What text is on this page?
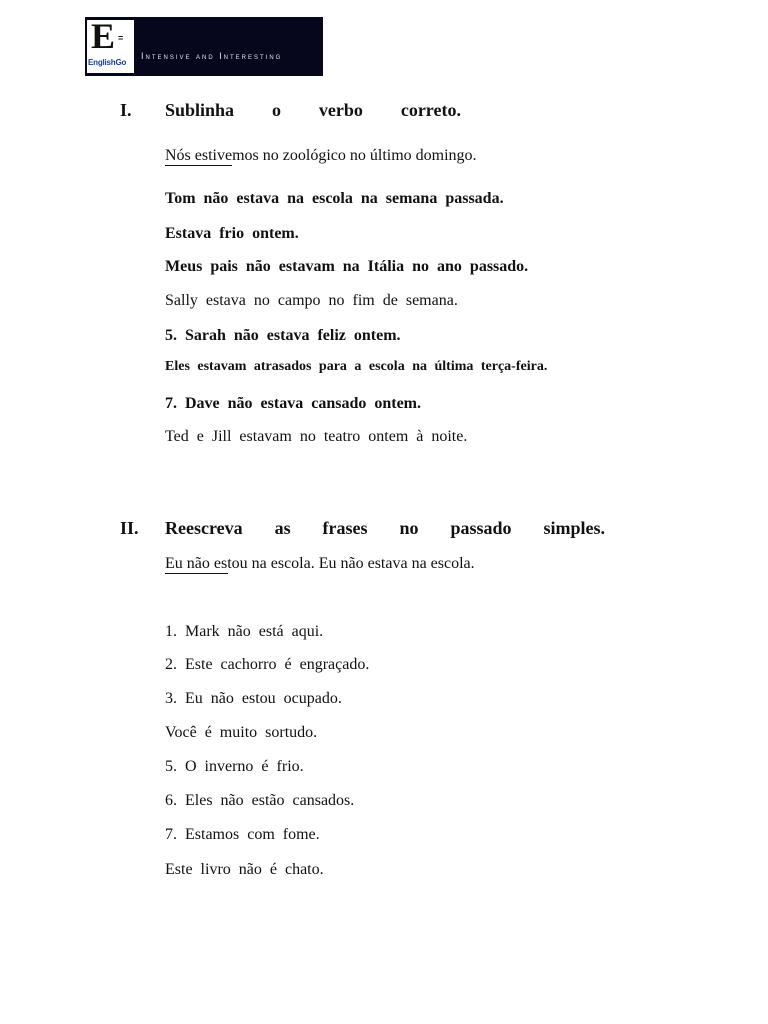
E =
EnglishGo
Intensive and Interesting
I. Sublinha o verbo correto.
Nós estivemos no zoológico no último domingo.
Tom não estava na escola na semana passada.
Estava frio ontem.
Meus pais não estavam na Itália no ano passado.
Sally estava no campo no fim de semana.
5. Sarah não estava feliz ontem.
Eles estavam atrasados para a escola na última terça-feira.
7. Dave não estava cansado ontem.
Ted e Jill estavam no teatro ontem à noite.
II. Reescreva as frases no passado simples.
Eu não estou na escola. Eu não estava na escola.
1. Mark não está aqui.
2. Este cachorro é engraçado.
3. Eu não estou ocupado.
Você é muito sortudo.
5. O inverno é frio.
6. Eles não estão cansados.
7. Estamos com fome.
Este livro não é chato.
